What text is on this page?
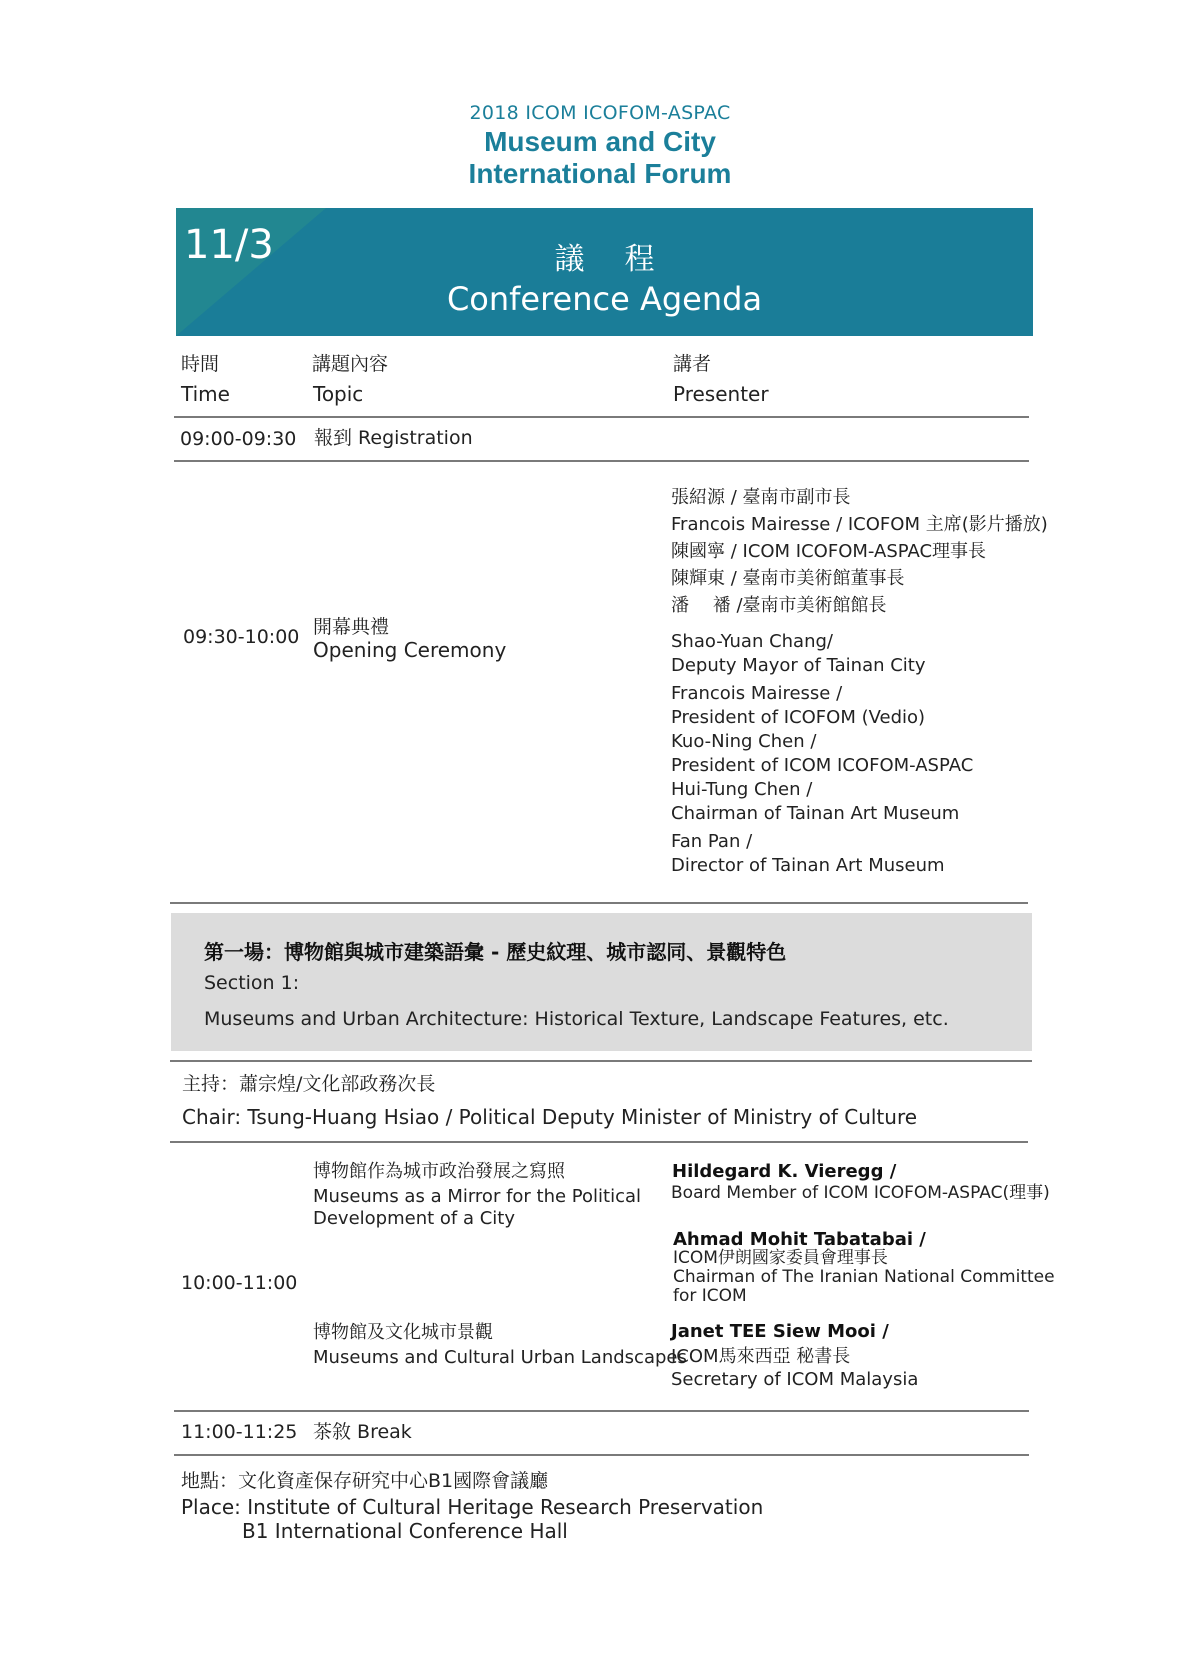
2018 ICOM ICOFOM-ASPAC
Museum and City
International Forum
11/3	議程
Conference Agenda
時間
Time
講題內容
Topic
講者
Presenter
09:00-09:30 報到 Registration
09:30-10:00 開幕典禮
Opening Ceremony
張紹源 / 臺南市副市長
Francois Mairesse / ICOFOM 主席(影片播放)
陳國寧 / ICOM ICOFOM-ASPAC理事長
陳輝東 / 臺南市美術館董事長
潘　 襎 /臺南市美術館館長
Shao-Yuan Chang/
Deputy Mayor of Tainan City
Francois Mairesse /
President of ICOFOM (Vedio)
Kuo-Ning Chen /
President of ICOM ICOFOM-ASPAC
Hui-Tung Chen /
Chairman of Tainan Art Museum
Fan Pan /
Director of Tainan Art Museum
第一場：博物館與城市建築語彙 - 歷史紋理、城市認同、景觀特色
Section 1:
Museums and Urban Architecture: Historical Texture, Landscape Features, etc.
主持：蕭宗煌/文化部政務次長
Chair: Tsung-Huang Hsiao / Political Deputy Minister of Ministry of Culture
10:00-11:00
博物館作為城市政治發展之寫照
Museums as a Mirror for the Political
Development of a City
博物館及文化城市景觀
Museums and Cultural Urban Landscapes
Hildegard K. Vieregg /
Board Member of ICOM ICOFOM-ASPAC(理事)
Ahmad Mohit Tabatabai /
ICOM伊朗國家委員會理事長
Chairman of The Iranian National Committee
for ICOM
Janet TEE Siew Mooi /
ICOM馬來西亞 秘書長
Secretary of ICOM Malaysia
11:00-11:25 茶敘 Break
地點：文化資產保存研究中心B1國際會議廳
Place: Institute of Cultural Heritage Research Preservation
B1 International Conference Hall
